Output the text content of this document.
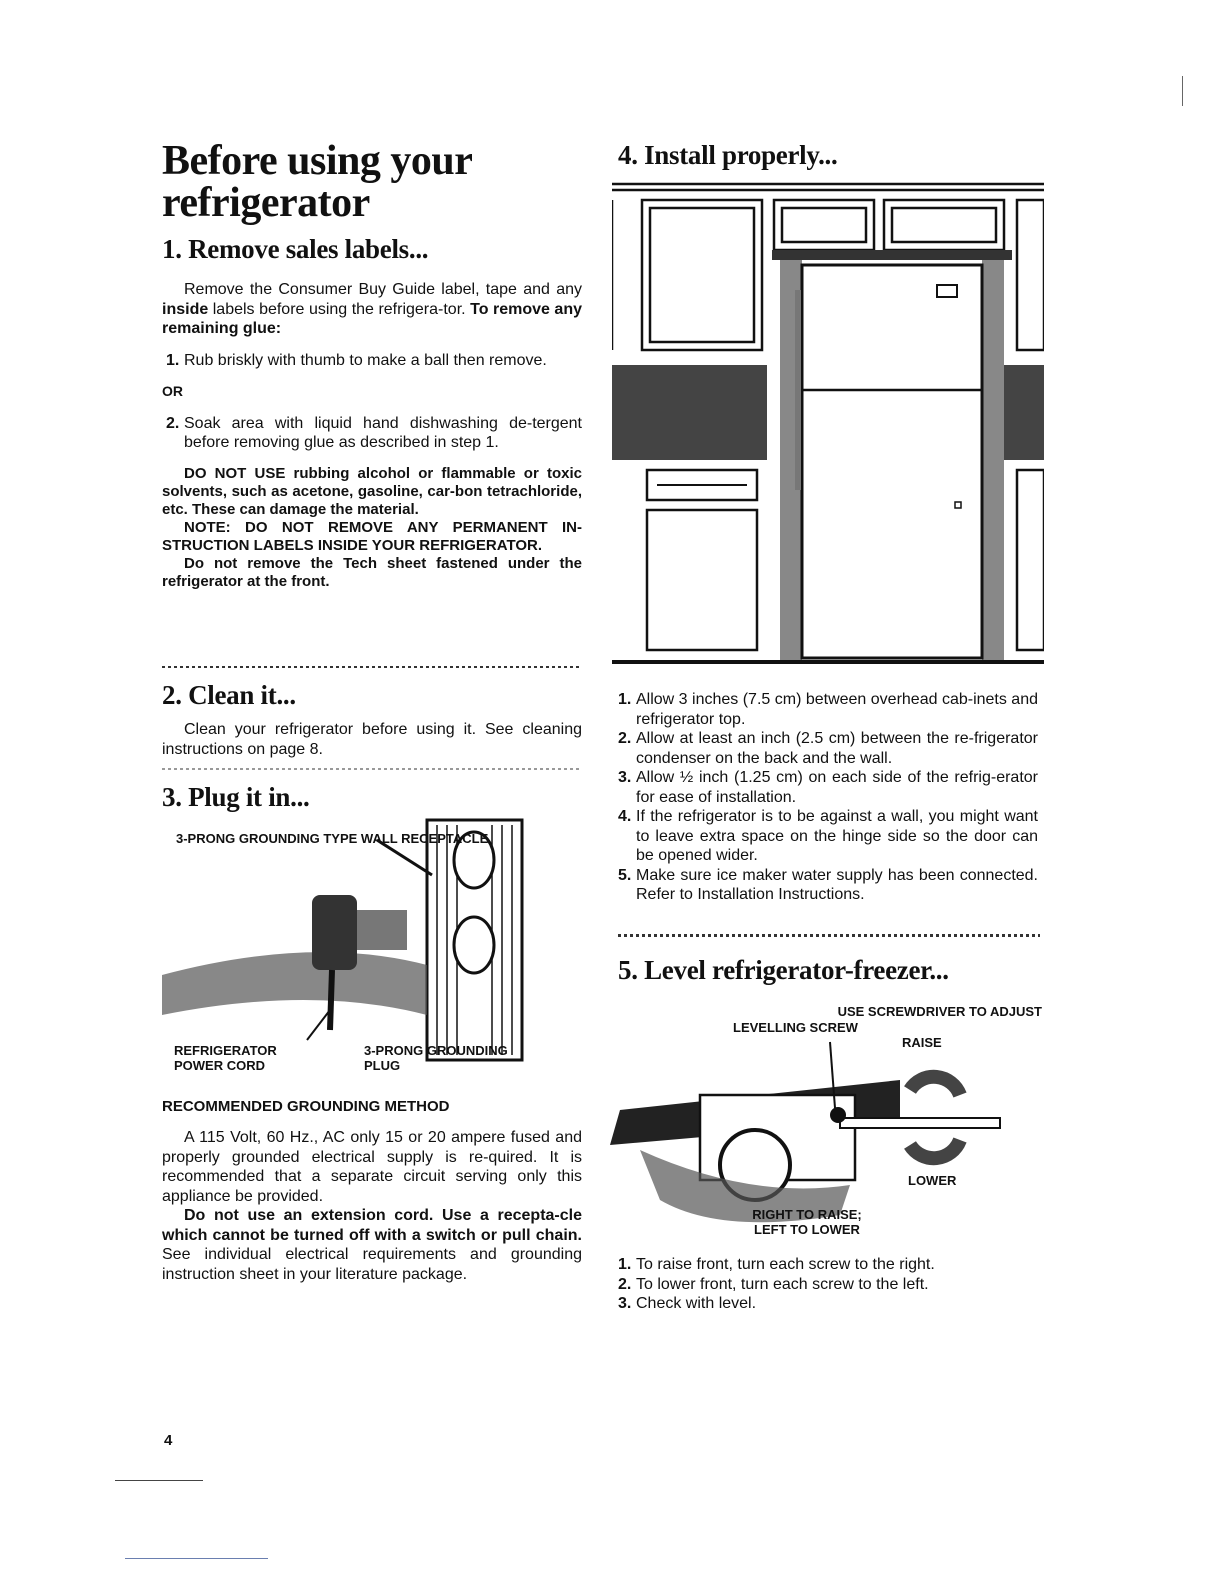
Before using your refrigerator
1. Remove sales labels...
Remove the Consumer Buy Guide label, tape and any inside labels before using the refrigera-tor. To remove any remaining glue:
1. Rub briskly with thumb to make a ball then remove.
OR
2. Soak area with liquid hand dishwashing de-tergent before removing glue as described in step 1.
DO NOT USE rubbing alcohol or flammable or toxic solvents, such as acetone, gasoline, car-bon tetrachloride, etc. These can damage the material.
NOTE: DO NOT REMOVE ANY PERMANENT IN-STRUCTION LABELS INSIDE YOUR REFRIGERATOR.
Do not remove the Tech sheet fastened under the refrigerator at the front.
2. Clean it...
Clean your refrigerator before using it. See cleaning instructions on page 8.
3. Plug it in...
3-PRONG GROUNDING TYPE WALL RECEPTACLE
REFRIGERATOR POWER CORD
3-PRONG GROUNDING PLUG
RECOMMENDED GROUNDING METHOD
A 115 Volt, 60 Hz., AC only 15 or 20 ampere fused and properly grounded electrical supply is re-quired. It is recommended that a separate circuit serving only this appliance be provided.
Do not use an extension cord. Use a recepta-cle which cannot be turned off with a switch or pull chain. See individual electrical requirements and grounding instruction sheet in your literature package.
4
4. Install properly...
1. Allow 3 inches (7.5 cm) between overhead cab-inets and refrigerator top.
2. Allow at least an inch (2.5 cm) between the re-frigerator condenser on the back and the wall.
3. Allow ½ inch (1.25 cm) on each side of the refrig-erator for ease of installation.
4. If the refrigerator is to be against a wall, you might want to leave extra space on the hinge side so the door can be opened wider.
5. Make sure ice maker water supply has been connected. Refer to Installation Instructions.
5. Level refrigerator-freezer...
USE SCREWDRIVER TO ADJUST
LEVELLING SCREW
RAISE
LOWER
RIGHT TO RAISE; LEFT TO LOWER
1. To raise front, turn each screw to the right.
2. To lower front, turn each screw to the left.
3. Check with level.
